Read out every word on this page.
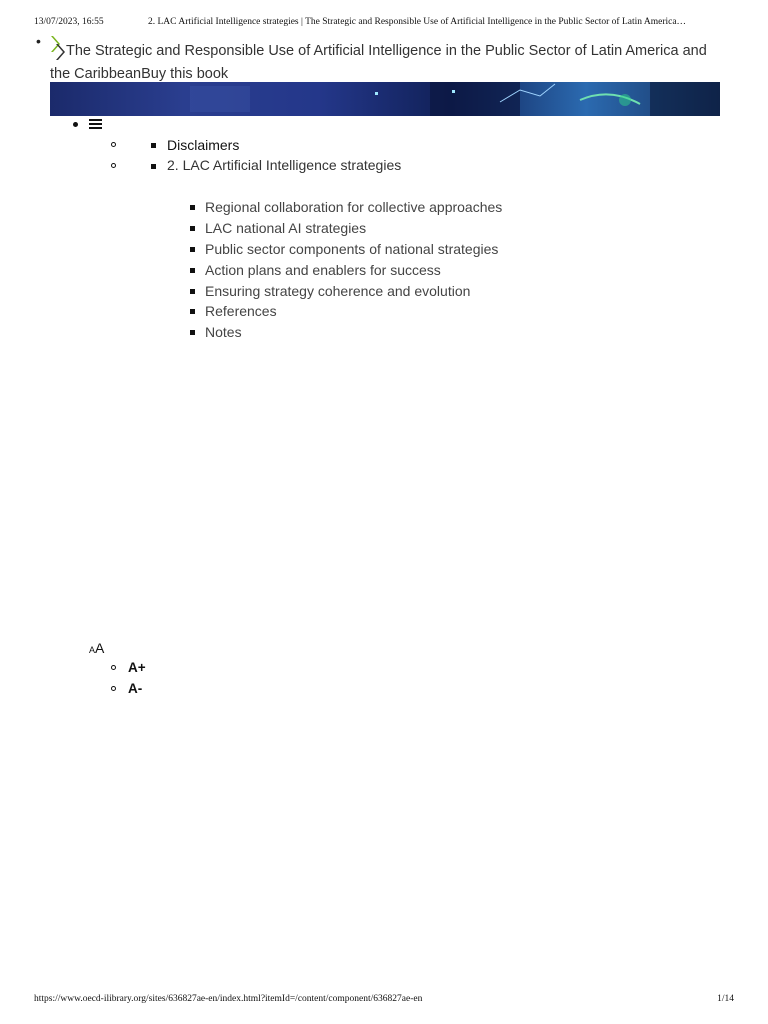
13/07/2023, 16:55	2. LAC Artificial Intelligence strategies | The Strategic and Responsible Use of Artificial Intelligence in the Public Sector of Latin America…
•
The Strategic and Responsible Use of Artificial Intelligence in the Public Sector of Latin America and the CaribbeanBuy this book
Disclaimers
2. LAC Artificial Intelligence strategies
Regional collaboration for collective approaches
LAC national AI strategies
Public sector components of national strategies
Action plans and enablers for success
Ensuring strategy coherence and evolution
References
Notes
AA
A+
A-
https://www.oecd-ilibrary.org/sites/636827ae-en/index.html?itemId=/content/component/636827ae-en	1/14
